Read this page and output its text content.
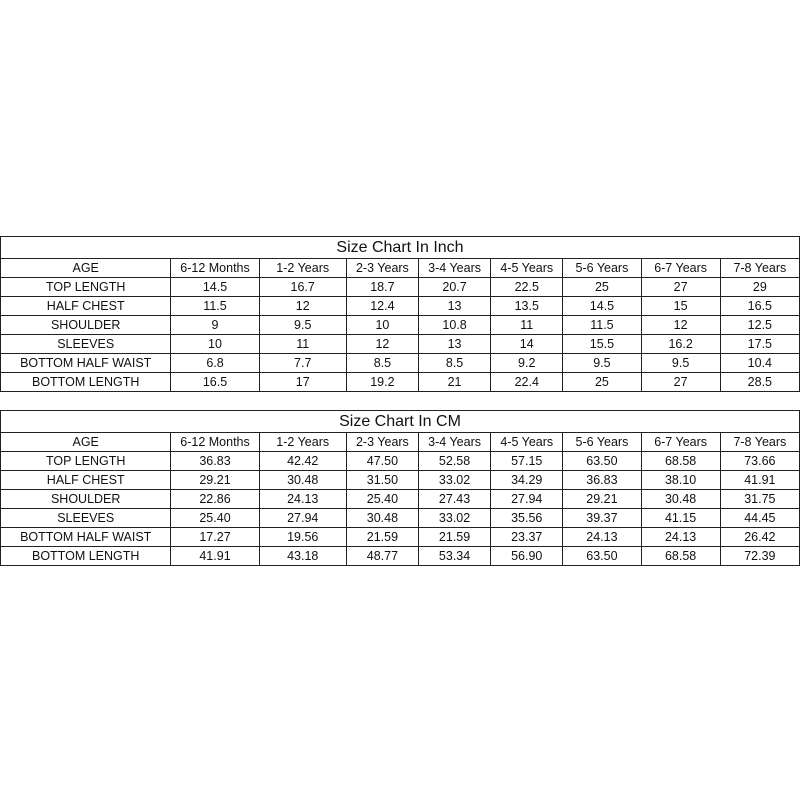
Size Chart In Inch								
AGE	6-12 Months	1-2 Years	2-3 Years	3-4 Years	4-5 Years	5-6 Years	6-7 Years	7-8 Years
TOP LENGTH	14.5	16.7	18.7	20.7	22.5	25	27	29
HALF CHEST	11.5	12	12.4	13	13.5	14.5	15	16.5
SHOULDER	9	9.5	10	10.8	11	11.5	12	12.5
SLEEVES	10	11	12	13	14	15.5	16.2	17.5
BOTTOM HALF WAIST	6.8	7.7	8.5	8.5	9.2	9.5	9.5	10.4
BOTTOM LENGTH	16.5	17	19.2	21	22.4	25	27	28.5
Size Chart In CM								
AGE	6-12 Months	1-2 Years	2-3 Years	3-4 Years	4-5 Years	5-6 Years	6-7 Years	7-8 Years
TOP LENGTH	36.83	42.42	47.50	52.58	57.15	63.50	68.58	73.66
HALF CHEST	29.21	30.48	31.50	33.02	34.29	36.83	38.10	41.91
SHOULDER	22.86	24.13	25.40	27.43	27.94	29.21	30.48	31.75
SLEEVES	25.40	27.94	30.48	33.02	35.56	39.37	41.15	44.45
BOTTOM HALF WAIST	17.27	19.56	21.59	21.59	23.37	24.13	24.13	26.42
BOTTOM LENGTH	41.91	43.18	48.77	53.34	56.90	63.50	68.58	72.39
